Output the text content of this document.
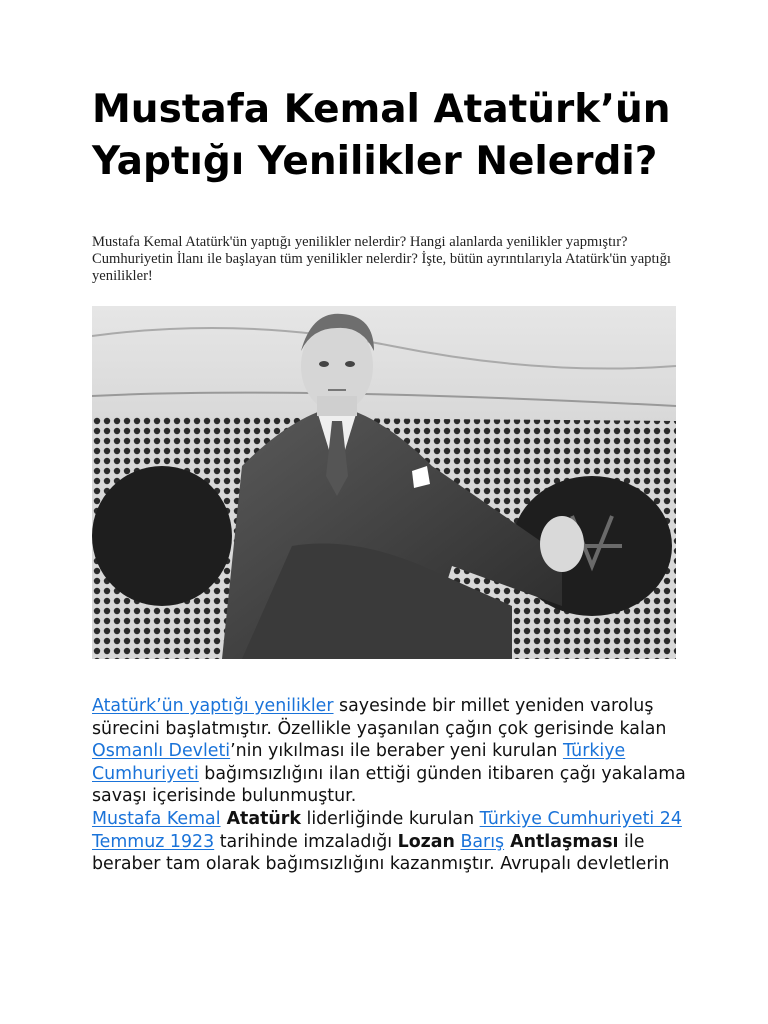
Mustafa Kemal Atatürk’ün Yaptığı Yenilikler Nelerdi?

Mustafa Kemal Atatürk'ün yaptığı yenilikler nelerdir? Hangi alanlarda yenilikler yapmıştır? Cumhuriyetin İlanı ile başlayan tüm yenilikler nelerdir? İşte, bütün ayrıntılarıyla Atatürk'ün yaptığı yenilikler!

Atatürk’ün yaptığı yenilikler sayesinde bir millet yeniden varoluş sürecini başlatmıştır. Özellikle yaşanılan çağın çok gerisinde kalan Osmanlı Devleti’nin yıkılması ile beraber yeni kurulan Türkiye Cumhuriyeti bağımsızlığını ilan ettiği günden itibaren çağı yakalama savaşı içerisinde bulunmuştur.

Mustafa Kemal Atatürk liderliğinde kurulan Türkiye Cumhuriyeti 24 Temmuz 1923 tarihinde imzaladığı Lozan Barış Antlaşması ile beraber tam olarak bağımsızlığını kazanmıştır. Avrupalı devletlerin
